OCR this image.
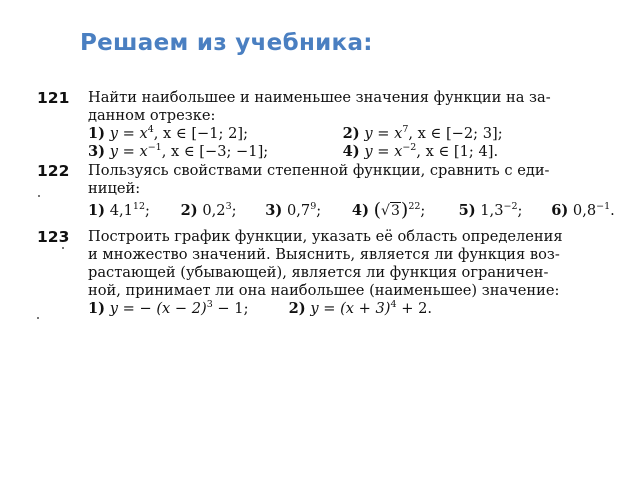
Решаем из учебника:
121 Найти наибольшее и наименьшее значения функции на за-
данном отрезке:
1) $y = x^4$, x ∈ [−1; 2];	2) $y = x^7$, x ∈ [−2; 3];
3) $y = x^{-1}$, x ∈ [−3; −1];	4) $y = x^{-2}$, x ∈ [1; 4].
122 Пользуясь свойствами степенной функции, сравнить с еди-
ницей:
1) $4,1^{12}$; 2) $0,2^3$; 3) $0,7^9$; 4) $(√3)^{22}$; 5) $1,3^{-2}$; 6) $0,8^{-1}$.
123 Построить график функции, указать её область определения
и множество значений. Выяснить, является ли функция воз-
растающей (убывающей), является ли функция ограничен-
ной, принимает ли она наибольшее (наименьшее) значение:
1) y = − $(x - 2)^3 - 1$;	2) $y = (x + 3)^4 + 2$.
